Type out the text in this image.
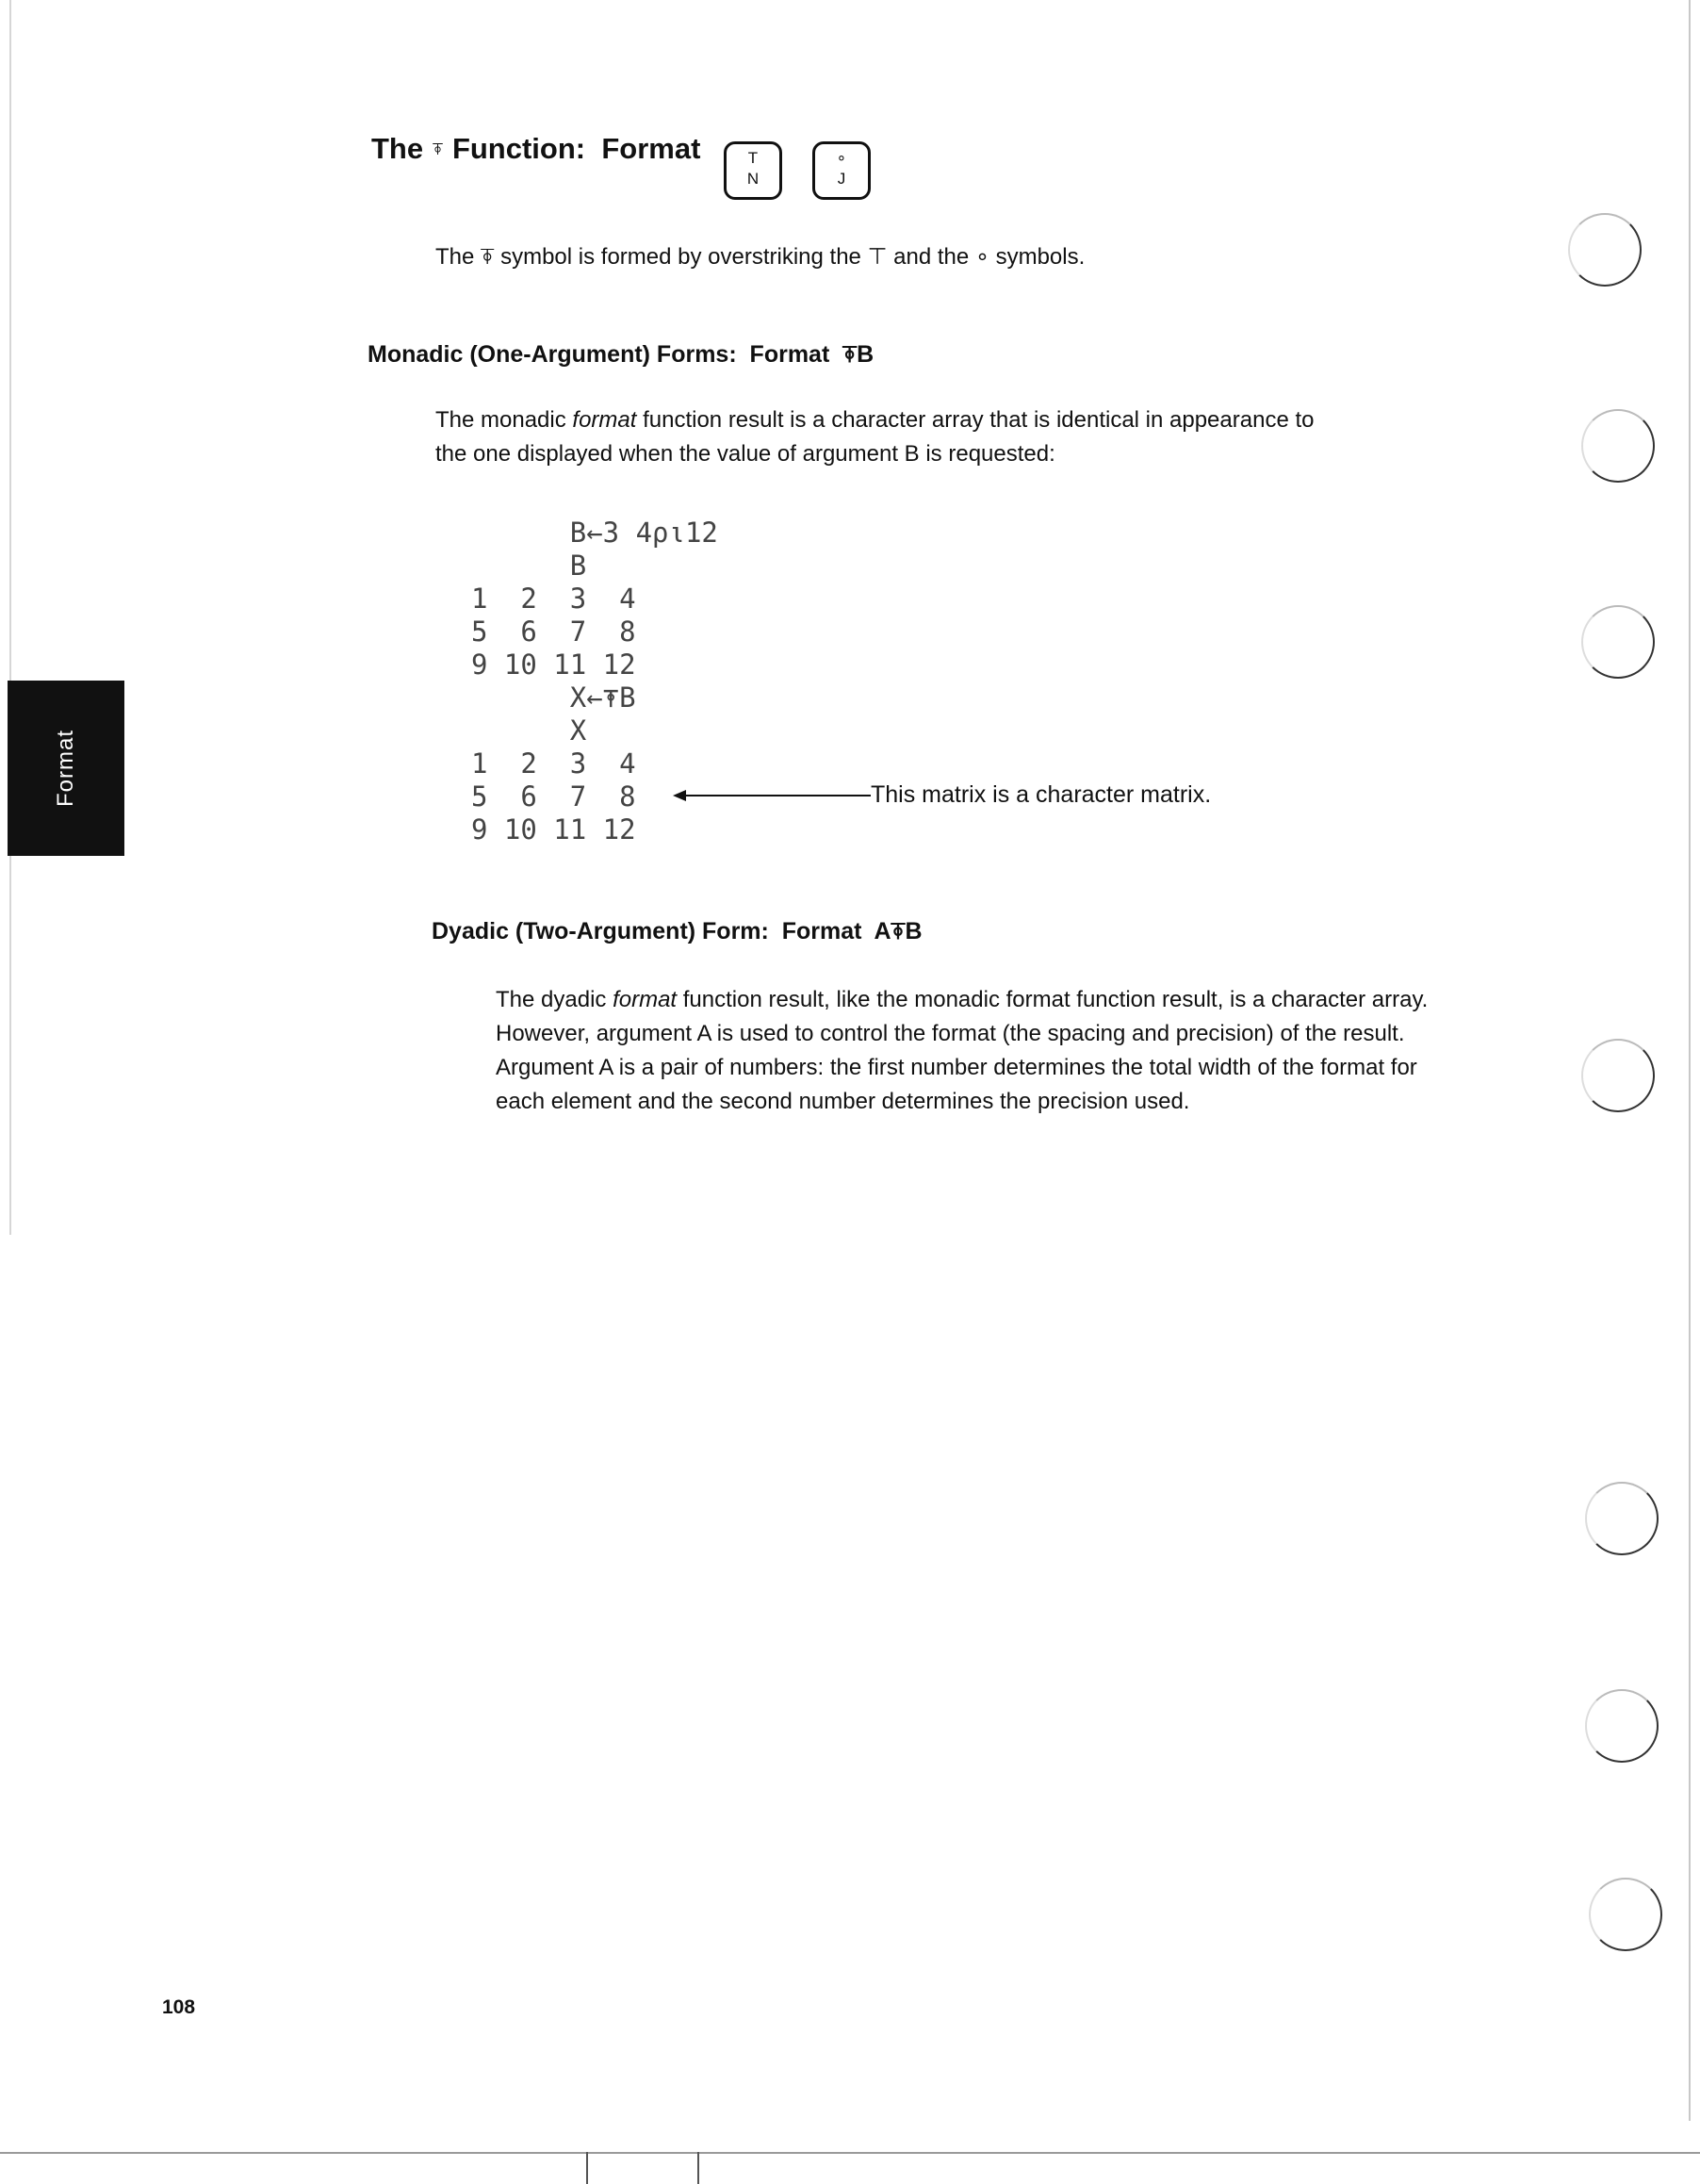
Format
The ⍕ Function:  Format	T
N
∘
J
The ⍕ symbol is formed by overstriking the ⊤ and the ∘ symbols.
Monadic (One-Argument) Forms:  Format  ⍕B
The monadic format function result is a character array that is identical in appearance to the one displayed when the value of argument B is requested:
B←3 4⍴⍳12
B
1  2  3  4
5  6  7  8
9 10 11 12
X←⍕B
X
1  2  3  4
5  6  7  8
9 10 11 12
This matrix is a character matrix.
Dyadic (Two-Argument) Form:  Format  A⍕B
The dyadic format function result, like the monadic format function result, is a character array. However, argument A is used to control the format (the spacing and precision) of the result. Argument A is a pair of numbers: the first number determines the total width of the format for each element and the second number determines the precision used.
108
